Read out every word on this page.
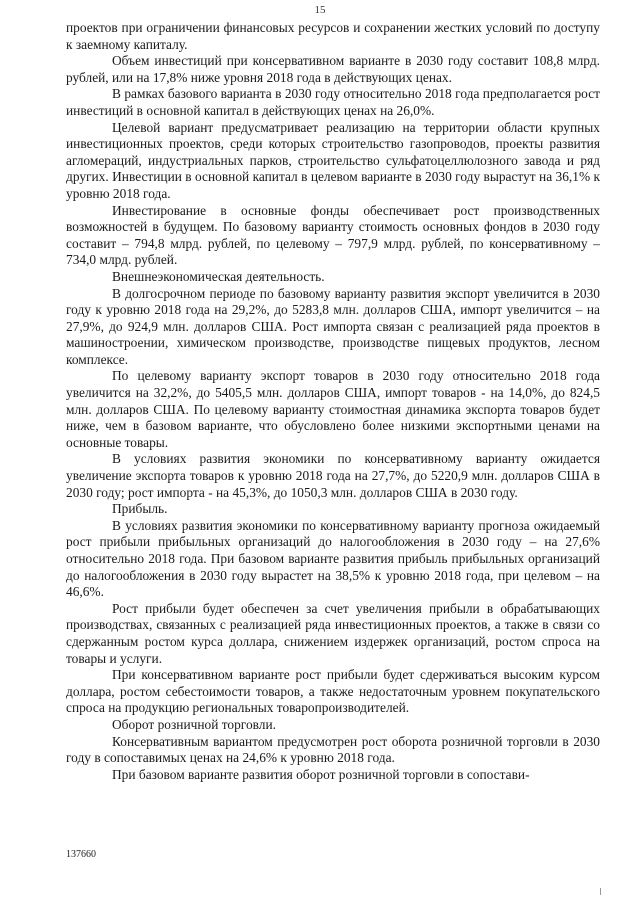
15

проектов при ограничении финансовых ресурсов и сохранении жестких условий по доступу к заемному капиталу.

Объем инвестиций при консервативном варианте в 2030 году составит 108,8 млрд. рублей, или на 17,8% ниже уровня 2018 года в действующих ценах.

В рамках базового варианта в 2030 году относительно 2018 года предполагается рост инвестиций в основной капитал в действующих ценах на 26,0%.

Целевой вариант предусматривает реализацию на территории области крупных инвестиционных проектов, среди которых строительство газопроводов, проекты развития агломераций, индустриальных парков, строительство сульфатоцеллюлозного завода и ряд других. Инвестиции в основной капитал в целевом варианте в 2030 году вырастут на 36,1% к уровню 2018 года.

Инвестирование в основные фонды обеспечивает рост производственных возможностей в будущем. По базовому варианту стоимость основных фондов в 2030 году составит – 794,8 млрд. рублей, по целевому – 797,9 млрд. рублей, по консервативному – 734,0 млрд. рублей.

Внешнеэкономическая деятельность.

В долгосрочном периоде по базовому варианту развития экспорт увеличится в 2030 году к уровню 2018 года на 29,2%, до 5283,8 млн. долларов США, импорт увеличится – на 27,9%, до 924,9 млн. долларов США. Рост импорта связан с реализацией ряда проектов в машиностроении, химическом производстве, производстве пищевых продуктов, лесном комплексе.

По целевому варианту экспорт товаров в 2030 году относительно 2018 года увеличится на 32,2%, до 5405,5 млн. долларов США, импорт товаров - на 14,0%, до 824,5 млн. долларов США. По целевому варианту стоимостная динамика экспорта товаров будет ниже, чем в базовом варианте, что обусловлено более низкими экспортными ценами на основные товары.

В условиях развития экономики по консервативному варианту ожидается увеличение экспорта товаров к уровню 2018 года на 27,7%, до 5220,9 млн. долларов США в 2030 году; рост импорта - на 45,3%, до 1050,3 млн. долларов США в 2030 году.

Прибыль.

В условиях развития экономики по консервативному варианту прогноза ожидаемый рост прибыли прибыльных организаций до налогообложения в 2030 году – на 27,6% относительно 2018 года. При базовом варианте развития прибыль прибыльных организаций до налогообложения в 2030 году вырастет на 38,5% к уровню 2018 года, при целевом – на 46,6%.

Рост прибыли будет обеспечен за счет увеличения прибыли в обрабатывающих производствах, связанных с реализацией ряда инвестиционных проектов, а также в связи со сдержанным ростом курса доллара, снижением издержек организаций, ростом спроса на товары и услуги.

При консервативном варианте рост прибыли будет сдерживаться высоким курсом доллара, ростом себестоимости товаров, а также недостаточным уровнем покупательского спроса на продукцию региональных товаропроизводителей.

Оборот розничной торговли.

Консервативным вариантом предусмотрен рост оборота розничной торговли в 2030 году в сопоставимых ценах на 24,6% к уровню 2018 года.

При базовом варианте развития оборот розничной торговли в сопостави-

137660
